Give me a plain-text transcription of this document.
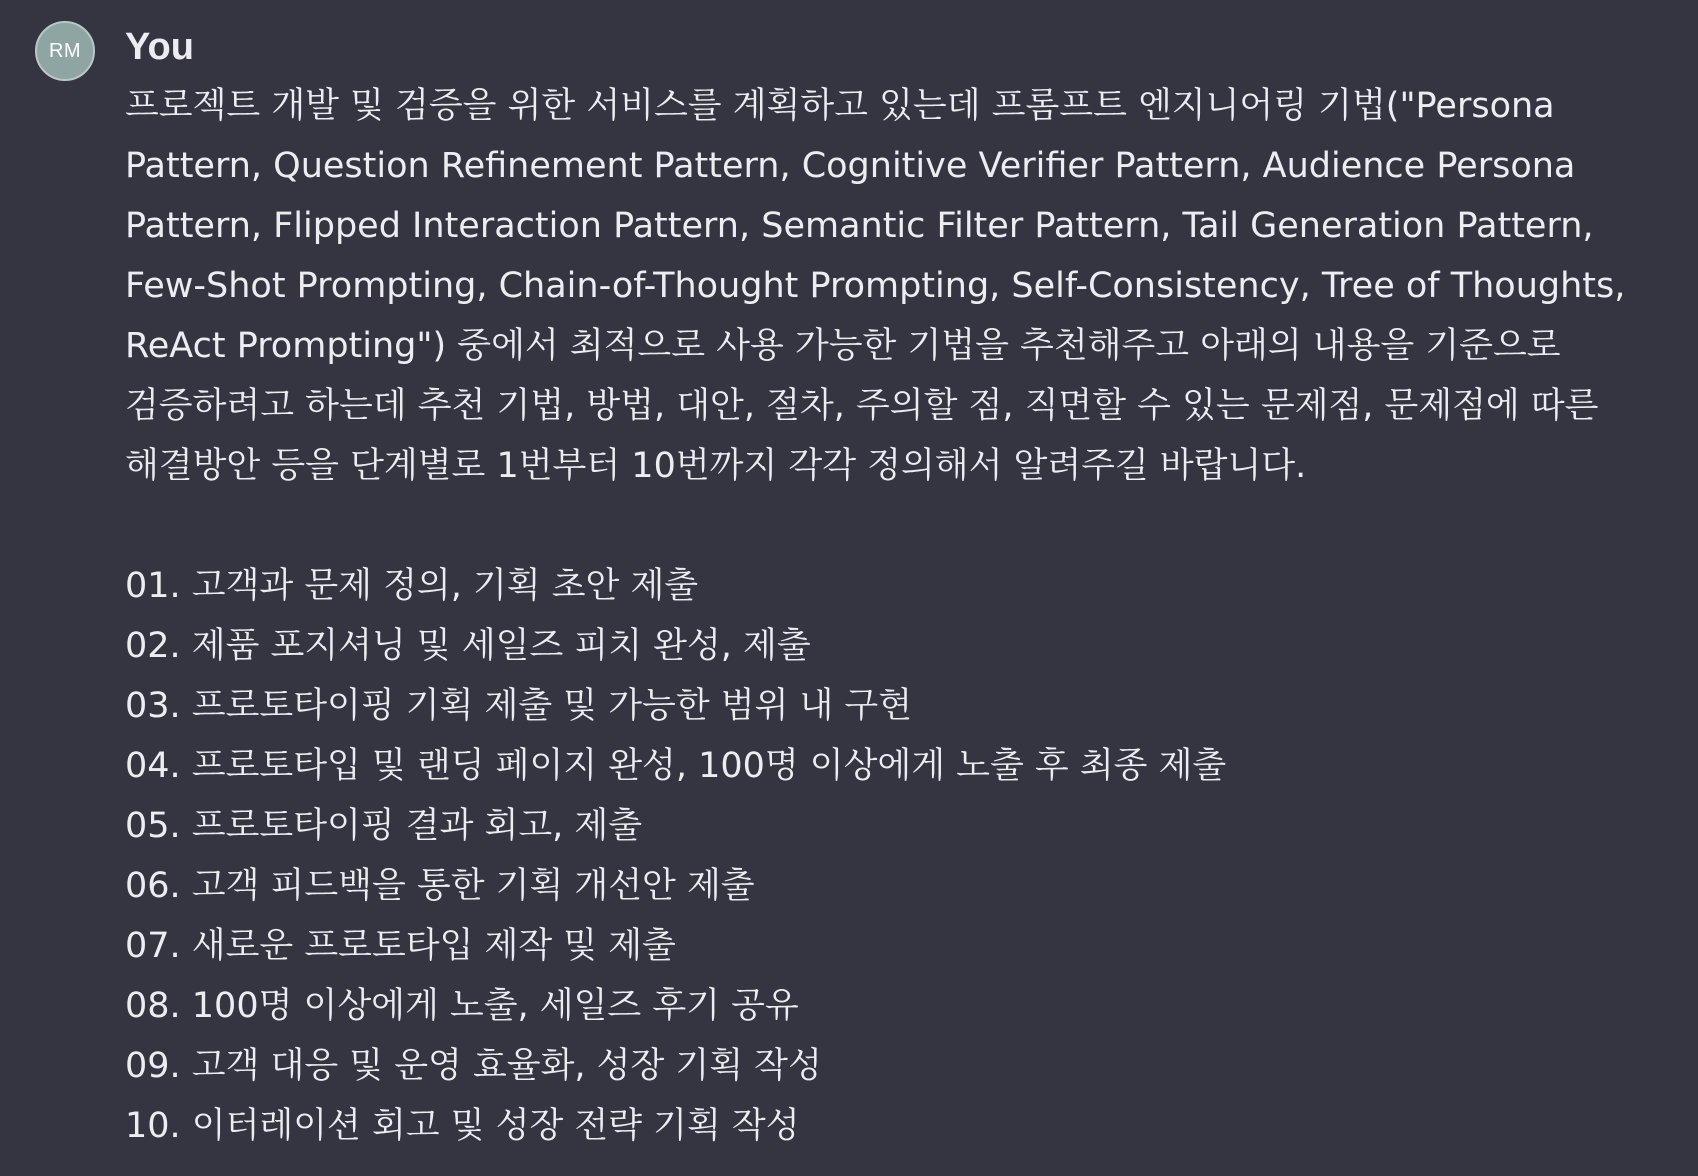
RM	You

프로젝트 개발 및 검증을 위한 서비스를 계획하고 있는데 프롬프트 엔지니어링 기법("Persona Pattern, Question Refinement Pattern, Cognitive Verifier Pattern, Audience Persona Pattern, Flipped Interaction Pattern, Semantic Filter Pattern, Tail Generation Pattern, Few-Shot Prompting, Chain-of-Thought Prompting, Self-Consistency, Tree of Thoughts, ReAct Prompting") 중에서 최적으로 사용 가능한 기법을 추천해주고 아래의 내용을 기준으로 검증하려고 하는데 추천 기법, 방법, 대안, 절차, 주의할 점, 직면할 수 있는 문제점, 문제점에 따른 해결방안 등을 단계별로 1번부터 10번까지 각각 정의해서 알려주길 바랍니다.

01. 고객과 문제 정의, 기획 초안 제출
02. 제품 포지셔닝 및 세일즈 피치 완성, 제출
03. 프로토타이핑 기획 제출 및 가능한 범위 내 구현
04. 프로토타입 및 랜딩 페이지 완성, 100명 이상에게 노출 후 최종 제출
05. 프로토타이핑 결과 회고, 제출
06. 고객 피드백을 통한 기획 개선안 제출
07. 새로운 프로토타입 제작 및 제출
08. 100명 이상에게 노출, 세일즈 후기 공유
09. 고객 대응 및 운영 효율화, 성장 기획 작성
10. 이터레이션 회고 및 성장 전략 기획 작성
